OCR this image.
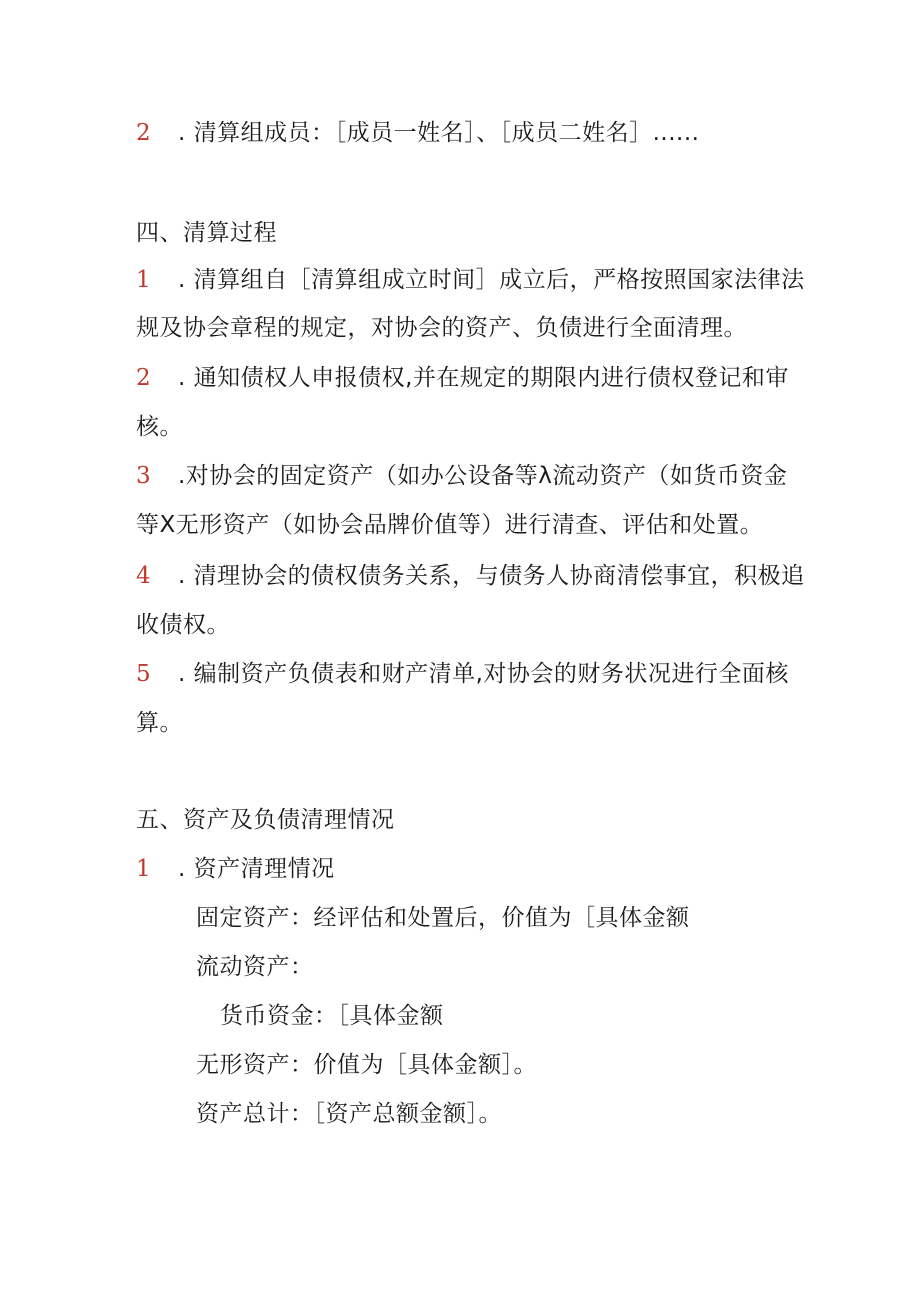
2 . 清算组成员：［成员一姓名］、［成员二姓名］......
四、清算过程
1 . 清算组自［清算组成立时间］成立后，严格按照国家法律法
规及协会章程的规定，对协会的资产、负债进行全面清理。
2 . 通知债权人申报债权,并在规定的期限内进行债权登记和审
核。
3 .对协会的固定资产（如办公设备等λ流动资产（如货币资金
等X无形资产（如协会品牌价值等）进行清查、评估和处置。
4 . 清理协会的债权债务关系，与债务人协商清偿事宜，积极追
收债权。
5 . 编制资产负债表和财产清单,对协会的财务状况进行全面核
算。
五、资产及负债清理情况
1 . 资产清理情况
固定资产：经评估和处置后，价值为［具体金额
流动资产：
货币资金：［具体金额
无形资产：价值为［具体金额］。
资产总计：［资产总额金额］。
